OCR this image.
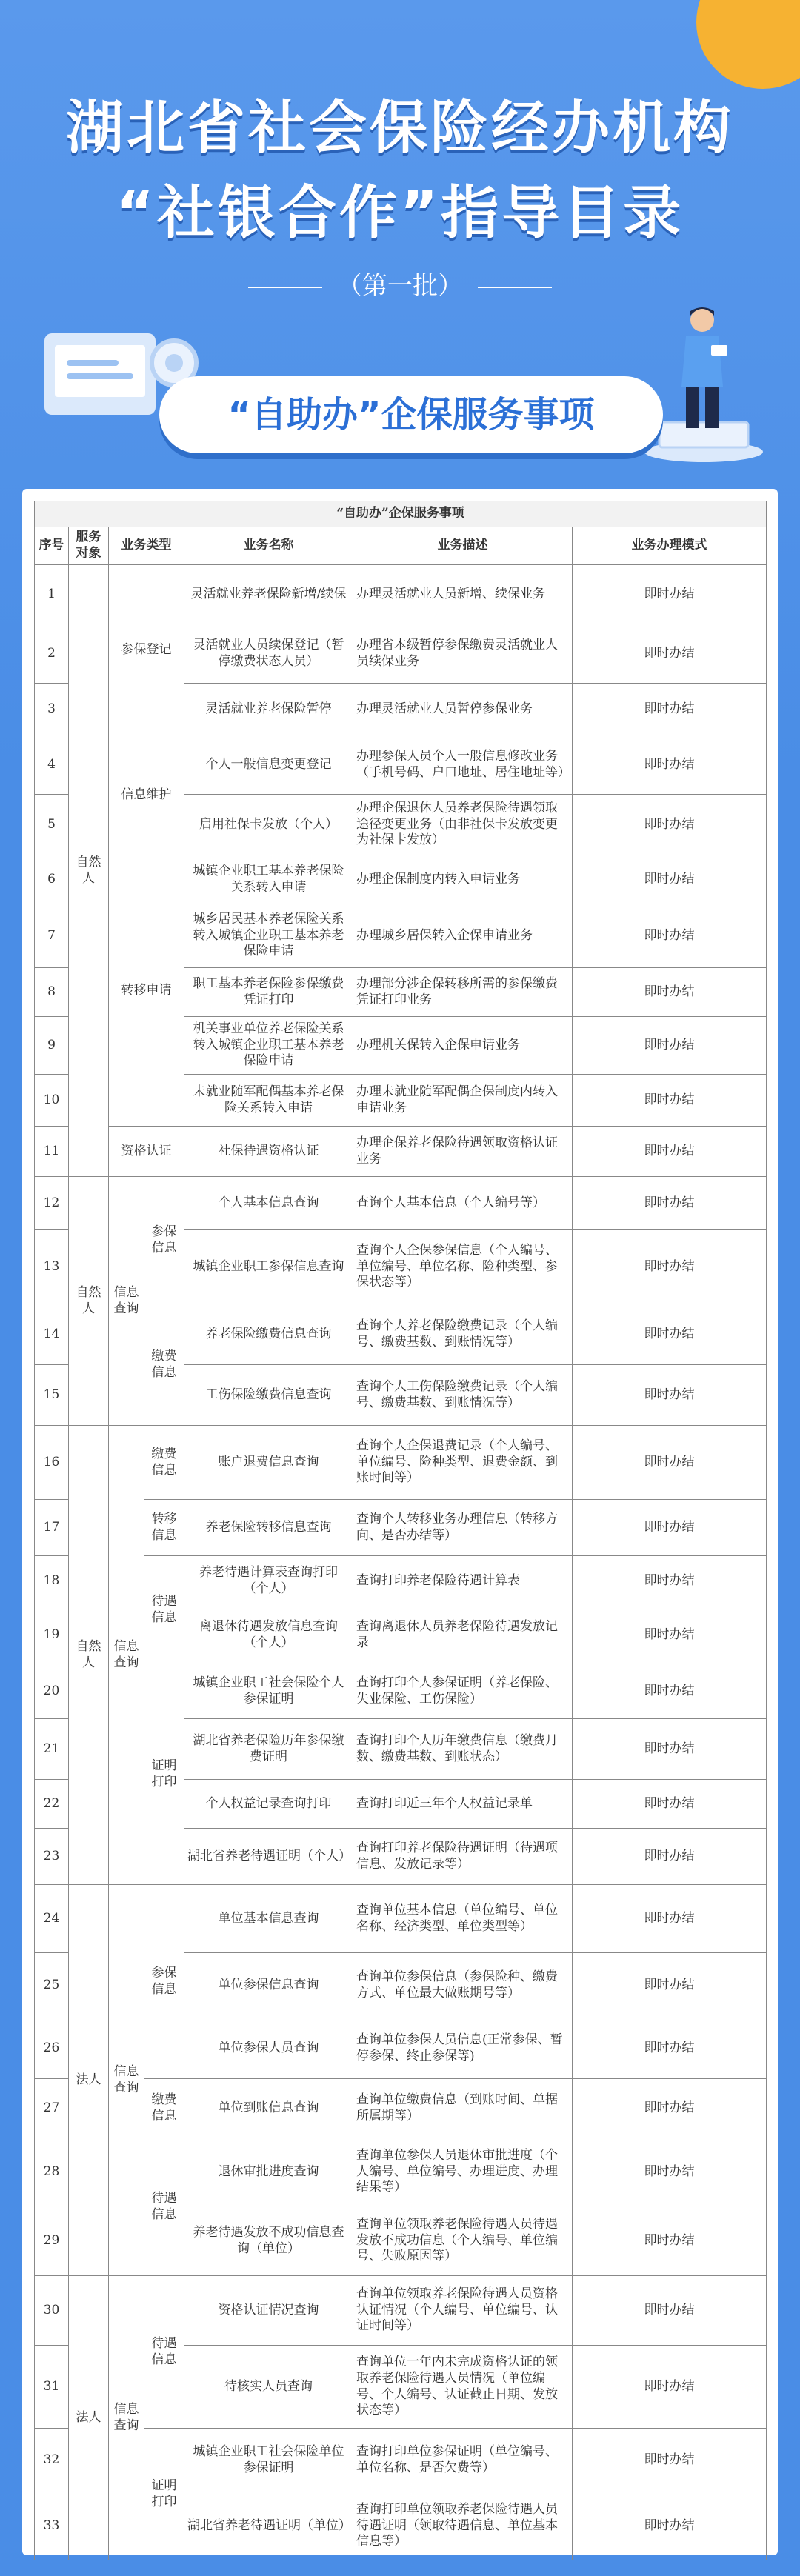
湖北省社会保险经办机构
“社银合作”指导目录
（第一批）
“自助办”企保服务事项
“自助办”企保服务事项						
序号	服务对象	业务类型		业务名称	业务描述	业务办理模式
1	自然人	参保登记		灵活就业养老保险新增/续保	办理灵活就业人员新增、续保业务	即时办结
2				灵活就业人员续保登记（暂停缴费状态人员）	办理省本级暂停参保缴费灵活就业人员续保业务	即时办结
3				灵活就业养老保险暂停	办理灵活就业人员暂停参保业务	即时办结
4		信息维护		个人一般信息变更登记	办理参保人员个人一般信息修改业务（手机号码、户口地址、居住地址等）	即时办结
5				启用社保卡发放（个人）	办理企保退休人员养老保险待遇领取途径变更业务（由非社保卡发放变更为社保卡发放）	即时办结
6		转移申请		城镇企业职工基本养老保险关系转入申请	办理企保制度内转入申请业务	即时办结
7				城乡居民基本养老保险关系转入城镇企业职工基本养老保险申请	办理城乡居保转入企保申请业务	即时办结
8				职工基本养老保险参保缴费凭证打印	办理部分涉企保转移所需的参保缴费凭证打印业务	即时办结
9				机关事业单位养老保险关系转入城镇企业职工基本养老保险申请	办理机关保转入企保申请业务	即时办结
10				未就业随军配偶基本养老保险关系转入申请	办理未就业随军配偶企保制度内转入申请业务	即时办结
11		资格认证		社保待遇资格认证	办理企保养老保险待遇领取资格认证业务	即时办结
12	自然人	信息查询	参保信息	个人基本信息查询	查询个人基本信息（个人编号等）	即时办结
13				城镇企业职工参保信息查询	查询个人企保参保信息（个人编号、单位编号、单位名称、险种类型、参保状态等）	即时办结
14			缴费信息	养老保险缴费信息查询	查询个人养老保险缴费记录（个人编号、缴费基数、到账情况等）	即时办结
15				工伤保险缴费信息查询	查询个人工伤保险缴费记录（个人编号、缴费基数、到账情况等）	即时办结
16	自然人	信息查询	缴费信息	账户退费信息查询	查询个人企保退费记录（个人编号、单位编号、险种类型、退费金额、到账时间等）	即时办结
17			转移信息	养老保险转移信息查询	查询个人转移业务办理信息（转移方向、是否办结等）	即时办结
18			待遇信息	养老待遇计算表查询打印（个人）	查询打印养老保险待遇计算表	即时办结
19				离退休待遇发放信息查询（个人）	查询离退休人员养老保险待遇发放记录	即时办结
20			证明打印	城镇企业职工社会保险个人参保证明	查询打印个人参保证明（养老保险、失业保险、工伤保险）	即时办结
21				湖北省养老保险历年参保缴费证明	查询打印个人历年缴费信息（缴费月数、缴费基数、到账状态）	即时办结
22				个人权益记录查询打印	查询打印近三年个人权益记录单	即时办结
23				湖北省养老待遇证明（个人）	查询打印养老保险待遇证明（待遇项信息、发放记录等）	即时办结
24	法人	信息查询	参保信息	单位基本信息查询	查询单位基本信息（单位编号、单位名称、经济类型、单位类型等）	即时办结
25				单位参保信息查询	查询单位参保信息（参保险种、缴费方式、单位最大做账期号等）	即时办结
26				单位参保人员查询	查询单位参保人员信息(正常参保、暂停参保、终止参保等)	即时办结
27			缴费信息	单位到账信息查询	查询单位缴费信息（到账时间、单据所属期等）	即时办结
28			待遇信息	退休审批进度查询	查询单位参保人员退休审批进度（个人编号、单位编号、办理进度、办理结果等）	即时办结
29				养老待遇发放不成功信息查询（单位）	查询单位领取养老保险待遇人员待遇发放不成功信息（个人编号、单位编号、失败原因等）	即时办结
30	法人	信息查询	待遇信息	资格认证情况查询	查询单位领取养老保险待遇人员资格认证情况（个人编号、单位编号、认证时间等）	即时办结
31				待核实人员查询	查询单位一年内未完成资格认证的领取养老保险待遇人员情况（单位编号、个人编号、认证截止日期、发放状态等）	即时办结
32			证明打印	城镇企业职工社会保险单位参保证明	查询打印单位参保证明（单位编号、单位名称、是否欠费等）	即时办结
33				湖北省养老待遇证明（单位）	查询打印单位领取养老保险待遇人员待遇证明（领取待遇信息、单位基本信息等）	即时办结
